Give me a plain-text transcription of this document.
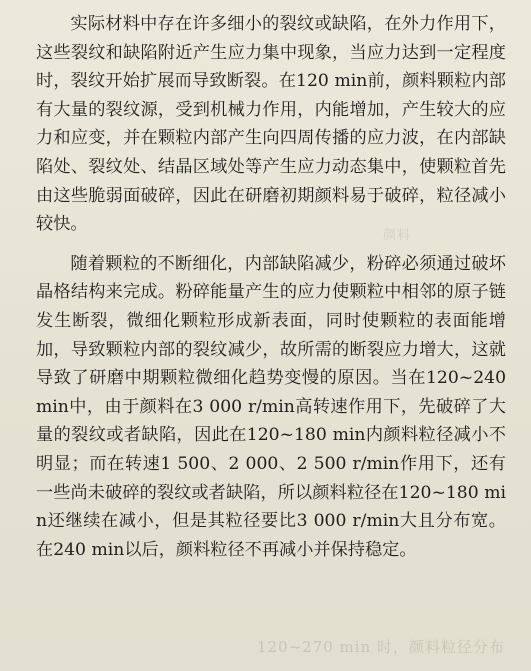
颜料
120~270 min 时，颜料粒径分布

实际材料中存在许多细小的裂纹或缺陷，在外力作用下，这些裂纹和缺陷附近产生应力集中现象，当应力达到一定程度时，裂纹开始扩展而导致断裂。在120 min前，颜料颗粒内部有大量的裂纹源，受到机械力作用，内能增加，产生较大的应力和应变，并在颗粒内部产生向四周传播的应力波，在内部缺陷处、裂纹处、结晶区域处等产生应力动态集中，使颗粒首先由这些脆弱面破碎，因此在研磨初期颜料易于破碎，粒径减小较快。

随着颗粒的不断细化，内部缺陷减少，粉碎必须通过破坏晶格结构来完成。粉碎能量产生的应力使颗粒中相邻的原子链发生断裂，微细化颗粒形成新表面，同时使颗粒的表面能增加，导致颗粒内部的裂纹减少，故所需的断裂应力增大，这就导致了研磨中期颗粒微细化趋势变慢的原因。当在120~240 min中，由于颜料在3 000 r/min高转速作用下，先破碎了大量的裂纹或者缺陷，因此在120~180 min内颜料粒径减小不明显；而在转速1 500、2 000、2 500 r/min作用下，还有一些尚未破碎的裂纹或者缺陷，所以颜料粒径在120~180 min还继续在减小，但是其粒径要比3 000 r/min大且分布宽。在240 min以后，颜料粒径不再减小并保持稳定。
